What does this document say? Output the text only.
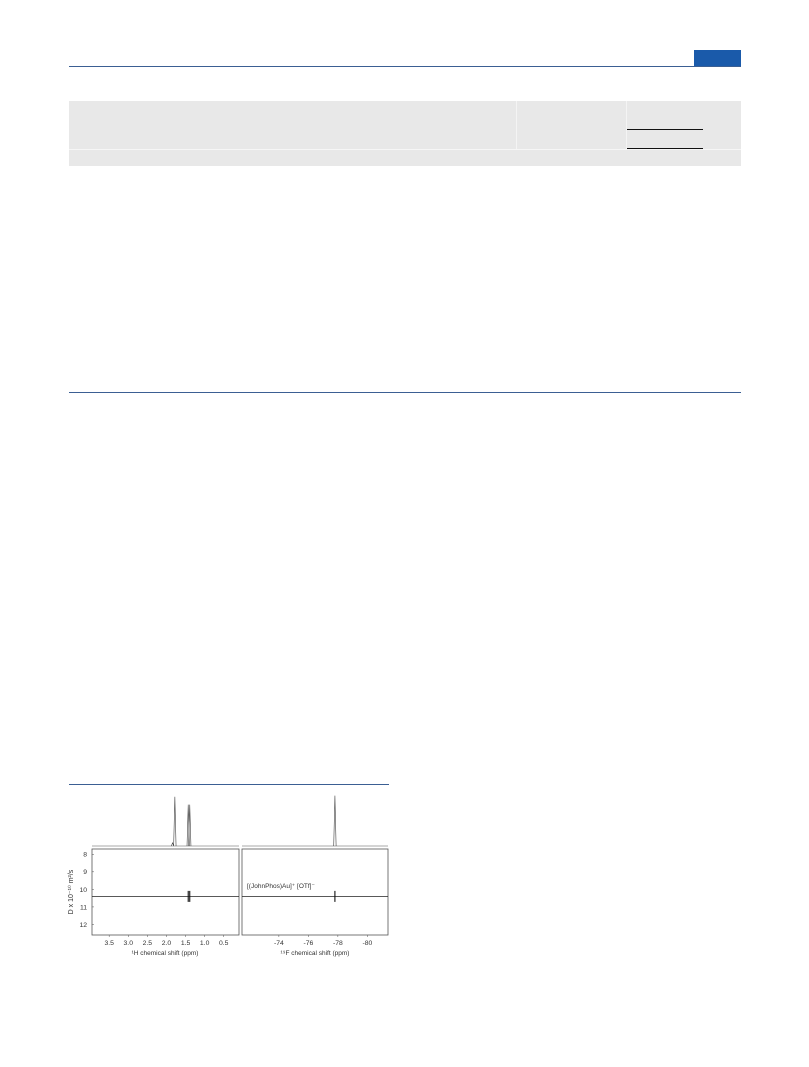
8
9
10
11
12
3.5 3.0 2.5 2.0 1.5 1.0 0.5	-74	-76	-78	-80
D x 10⁻¹⁰ m²/s
¹H chemical shift (ppm)	¹⁹F chemical shift (ppm)
[(JohnPhos)Au]⁺ [OTf]⁻
